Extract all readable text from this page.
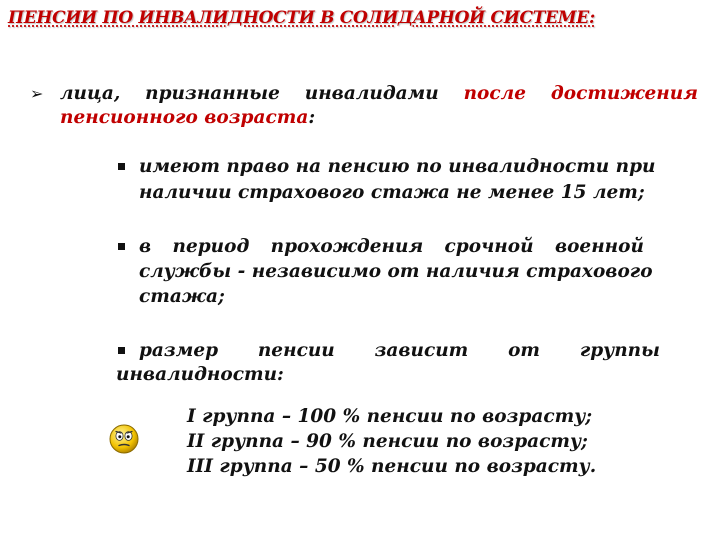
ПЕНСИИ ПО ИНВАЛИДНОСТИ В СОЛИДАРНОЙ СИСТЕМЕ:
➢ лица, признанные инвалидами после достижения
пенсионного возраста:
имеют право на пенсию по инвалидности при
наличии страхового стажа не менее 15 лет;
в период прохождения срочной военной
службы - независимо от наличия страхового
стажа;
размер пенсии зависит от группы
инвалидности:
I группа – 100 % пенсии по возрасту;
II группа – 90 % пенсии по возрасту;
III группа – 50 % пенсии по возрасту.
